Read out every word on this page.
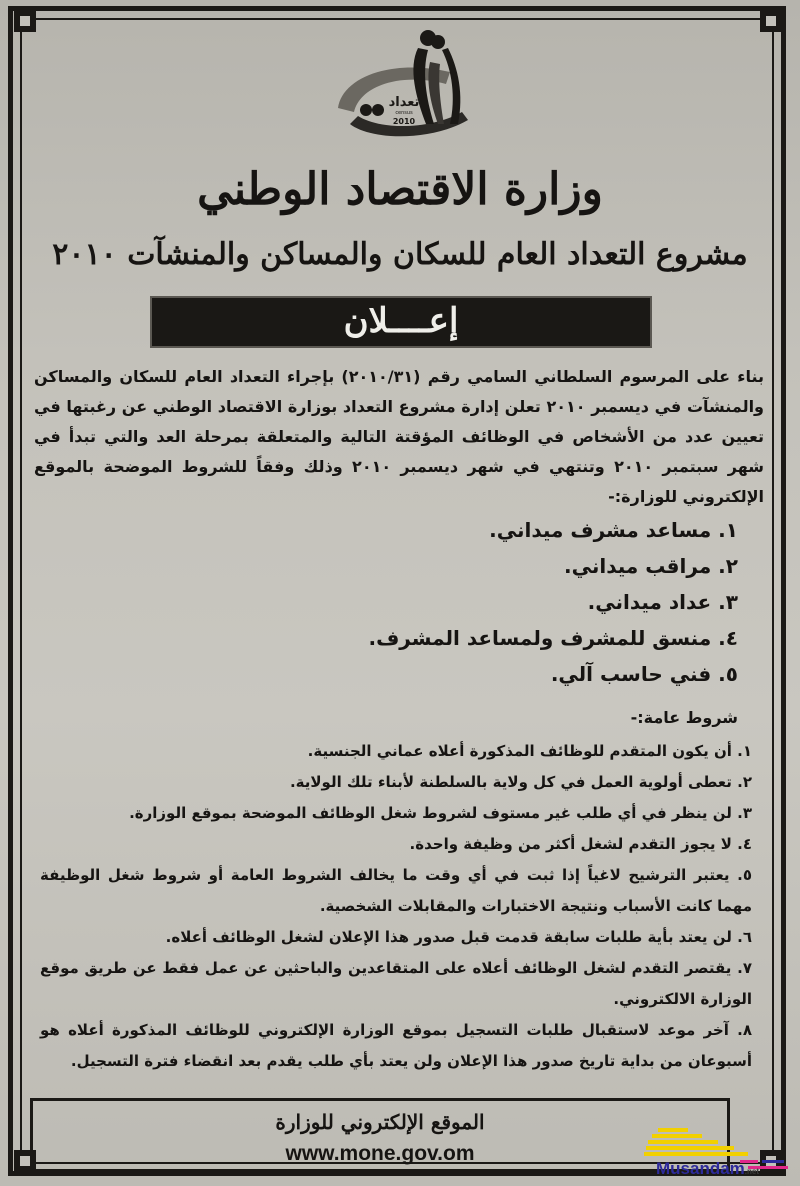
تعداد
census
2010
وزارة الاقتصاد الوطني
مشروع التعداد العام للسكان والمساكن والمنشآت ٢٠١٠
إعــــلان

بناء على المرسوم السلطاني السامي رقم (٢٠١٠/٣١) بإجراء التعداد العام للسكان والمساكن والمنشآت في ديسمبر ٢٠١٠ تعلن إدارة مشروع التعداد بوزارة الاقتصاد الوطني عن رغبتها في تعيين عدد من الأشخاص في الوظائف المؤقتة التالية والمتعلقة بمرحلة العد والتي تبدأ في شهر سبتمبر ٢٠١٠ وتنتهي في شهر ديسمبر ٢٠١٠ وذلك وفقاً للشروط الموضحة بالموقع الإلكتروني للوزارة:-

١. مساعد مشرف ميداني.
٢. مراقب ميداني.
٣. عداد ميداني.
٤. منسق للمشرف ولمساعد المشرف.
٥. فني حاسب آلي.
شروط عامة:-
١. أن يكون المتقدم للوظائف المذكورة أعلاه عماني الجنسية.
٢. تعطى أولوية العمل في كل ولاية بالسلطنة لأبناء تلك الولاية.
٣. لن ينظر في أي طلب غير مستوف لشروط شغل الوظائف الموضحة بموقع الوزارة.
٤. لا يجوز التقدم لشغل أكثر من وظيفة واحدة.
٥. يعتبر الترشيح لاغياً إذا ثبت في أي وقت ما يخالف الشروط العامة أو شروط شغل الوظيفة مهما كانت الأسباب ونتيجة الاختبارات والمقابلات الشخصية.
٦. لن يعتد بأية طلبات سابقة قدمت قبل صدور هذا الإعلان لشغل الوظائف أعلاه.
٧. يقتصر التقدم لشغل الوظائف أعلاه على المتقاعدين والباحثين عن عمل فقط عن طريق موقع الوزارة الالكتروني.
٨. آخر موعد لاستقبال طلبات التسجيل بموقع الوزارة الإلكتروني للوظائف المذكورة أعلاه هو أسبوعان من بداية تاريخ صدور هذا الإعلان ولن يعتد بأي طلب يقدم بعد انقضاء فترة التسجيل.
الموقع الإلكتروني للوزارة
www.mone.gov.om
Musandam.net
